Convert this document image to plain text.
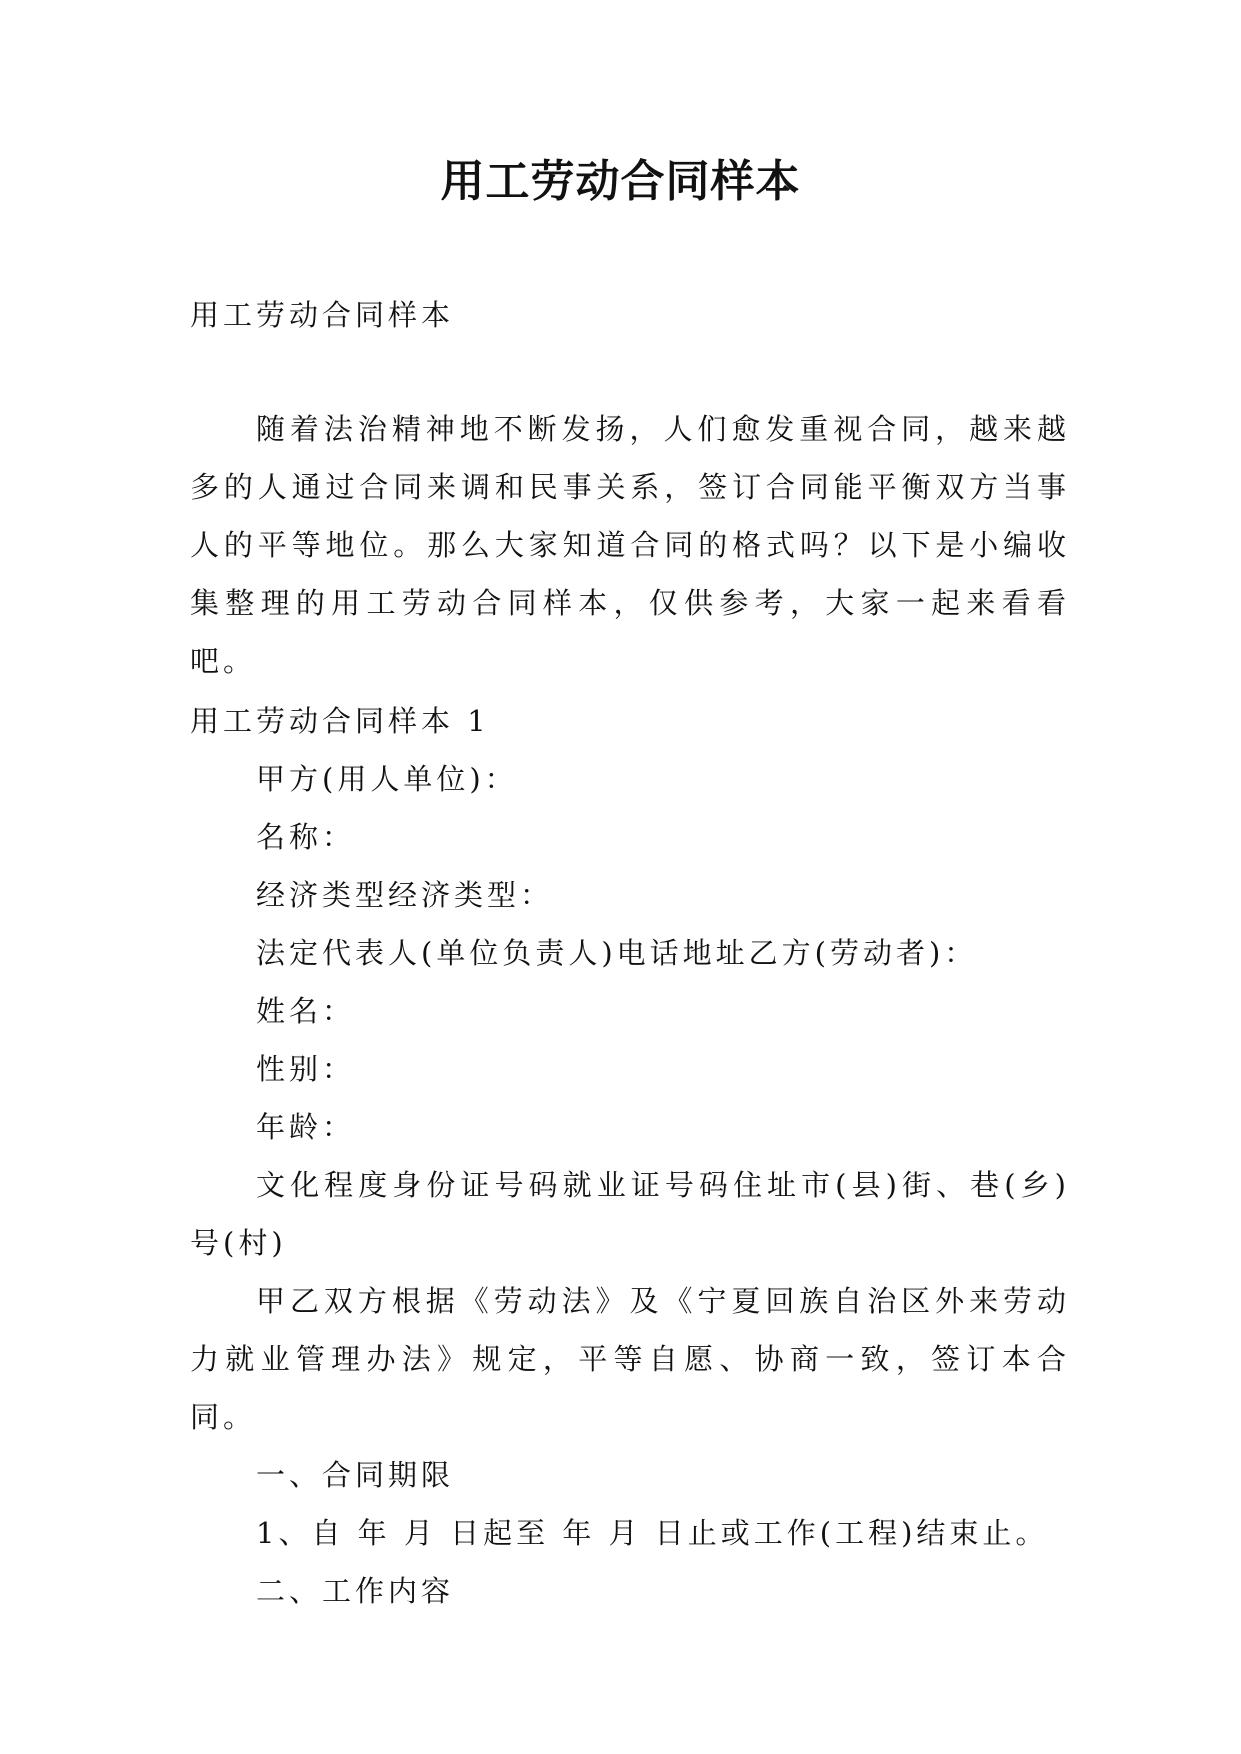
用工劳动合同样本

用工劳动合同样本

随着法治精神地不断发扬，人们愈发重视合同，越来越多的人通过合同来调和民事关系，签订合同能平衡双方当事人的平等地位。那么大家知道合同的格式吗？以下是小编收集整理的用工劳动合同样本，仅供参考，大家一起来看看吧。

用工劳动合同样本 1

甲方(用人单位)：

名称：

经济类型经济类型：

法定代表人(单位负责人)电话地址乙方(劳动者)：

姓名：

性别：

年龄：

文化程度身份证号码就业证号码住址市(县)街、巷(乡)号(村)

甲乙双方根据《劳动法》及《宁夏回族自治区外来劳动力就业管理办法》规定，平等自愿、协商一致，签订本合同。

一、合同期限

1、自 年 月 日起至 年 月 日止或工作(工程)结束止。

二、工作内容
